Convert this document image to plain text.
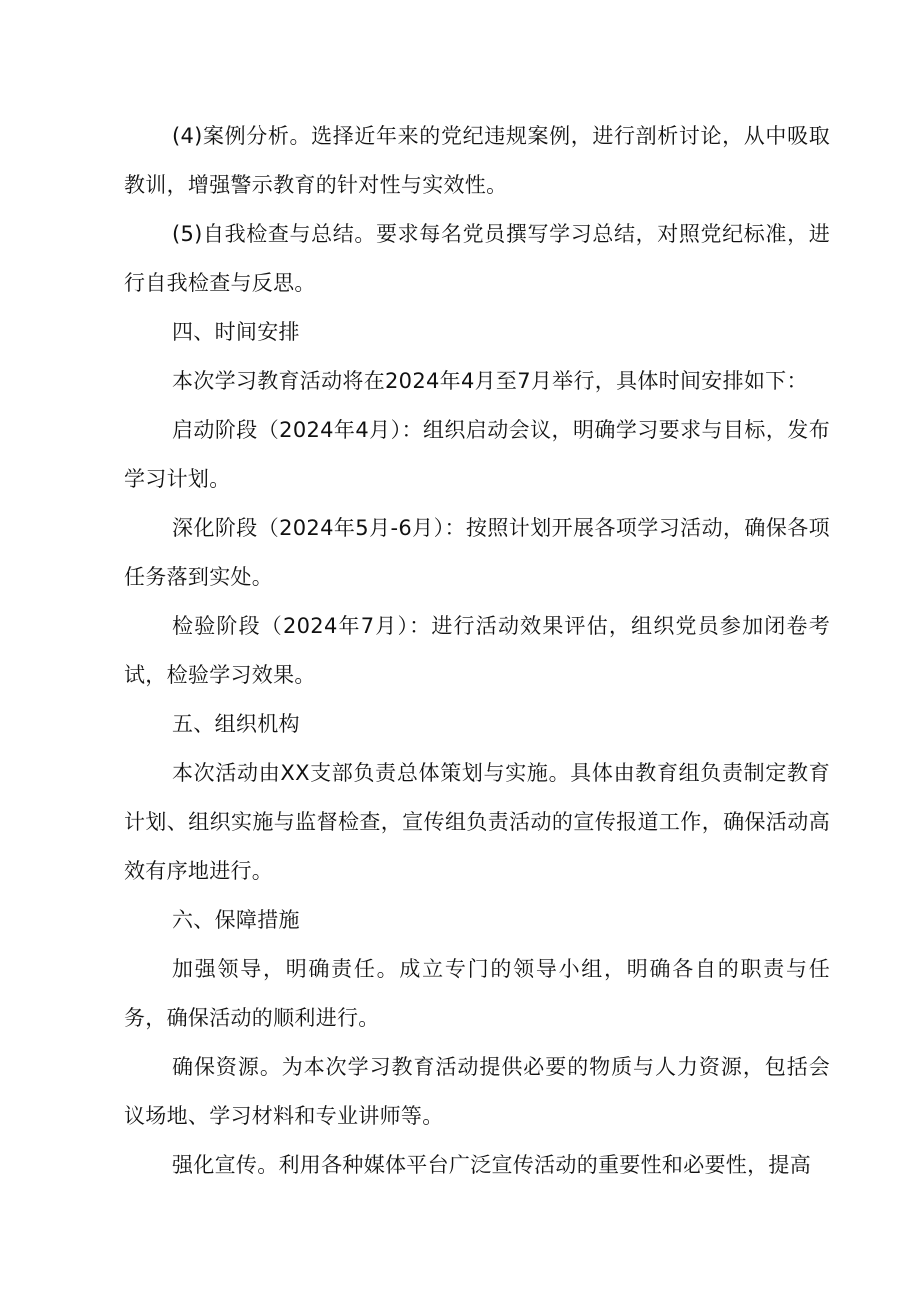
(4)案例分析。选择近年来的党纪违规案例，进行剖析讨论，从中吸取教训，增强警示教育的针对性与实效性。

(5)自我检查与总结。要求每名党员撰写学习总结，对照党纪标准，进行自我检查与反思。

四、时间安排

本次学习教育活动将在2024年4月至7月举行，具体时间安排如下：

启动阶段（2024年4月）：组织启动会议，明确学习要求与目标，发布学习计划。

深化阶段（2024年5月-6月）：按照计划开展各项学习活动，确保各项任务落到实处。

检验阶段（2024年7月）：进行活动效果评估，组织党员参加闭卷考试，检验学习效果。

五、组织机构

本次活动由XX支部负责总体策划与实施。具体由教育组负责制定教育计划、组织实施与监督检查，宣传组负责活动的宣传报道工作，确保活动高效有序地进行。

六、保障措施

加强领导，明确责任。成立专门的领导小组，明确各自的职责与任务，确保活动的顺利进行。

确保资源。为本次学习教育活动提供必要的物质与人力资源，包括会议场地、学习材料和专业讲师等。

强化宣传。利用各种媒体平台广泛宣传活动的重要性和必要性，提高
